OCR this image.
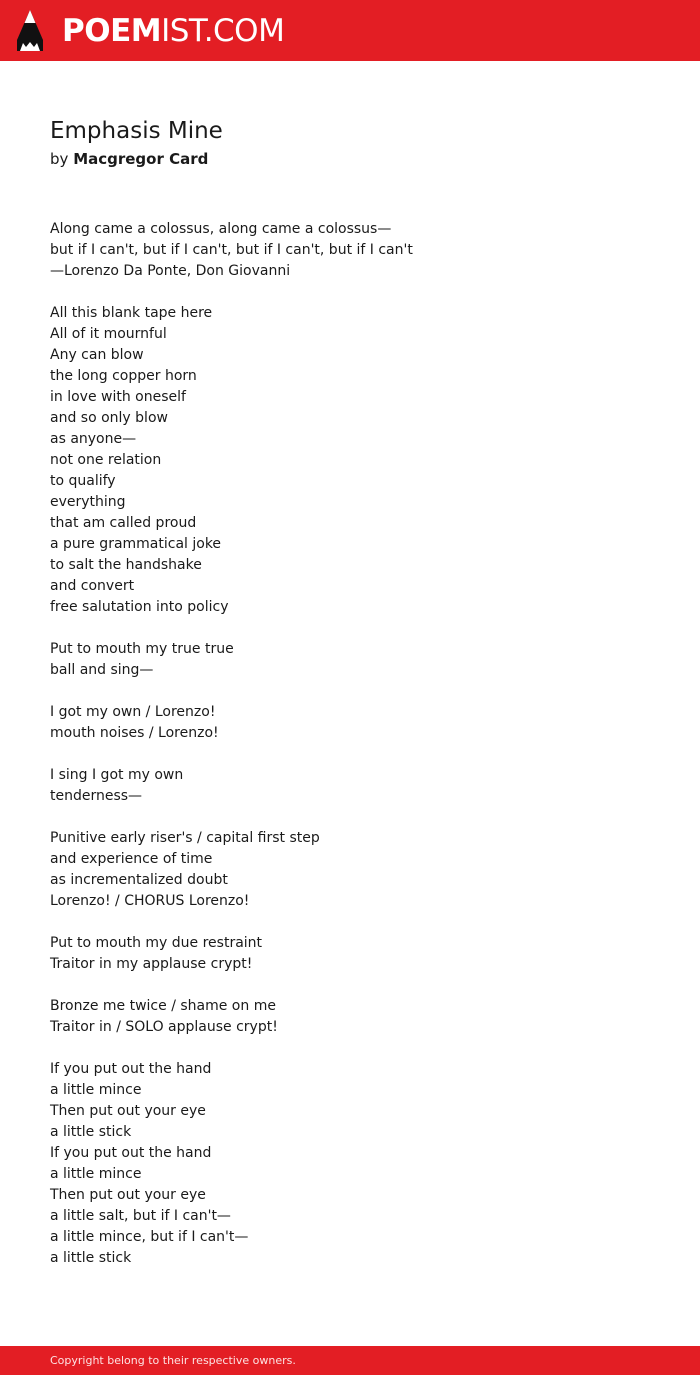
POEMIST.COM
Emphasis Mine
by Macgregor Card
Along came a colossus, along came a colossus—
but if I can't, but if I can't, but if I can't, but if I can't
—Lorenzo Da Ponte, Don Giovanni
All this blank tape here
All of it mournful
Any can blow
the long copper horn
in love with oneself
and so only blow
as anyone—
not one relation
to qualify
everything
that am called proud
a pure grammatical joke
to salt the handshake
and convert
free salutation into policy
Put to mouth my true true
ball and sing—
I got my own / Lorenzo!
mouth noises / Lorenzo!
I sing I got my own
tenderness—
Punitive early riser's / capital first step
and experience of time
as incrementalized doubt
Lorenzo! / CHORUS Lorenzo!
Put to mouth my due restraint
Traitor in my applause crypt!
Bronze me twice / shame on me
Traitor in / SOLO applause crypt!
If you put out the hand
a little mince
Then put out your eye
a little stick
If you put out the hand
a little mince
Then put out your eye
a little salt, but if I can't—
a little mince, but if I can't—
a little stick
Copyright belong to their respective owners.
